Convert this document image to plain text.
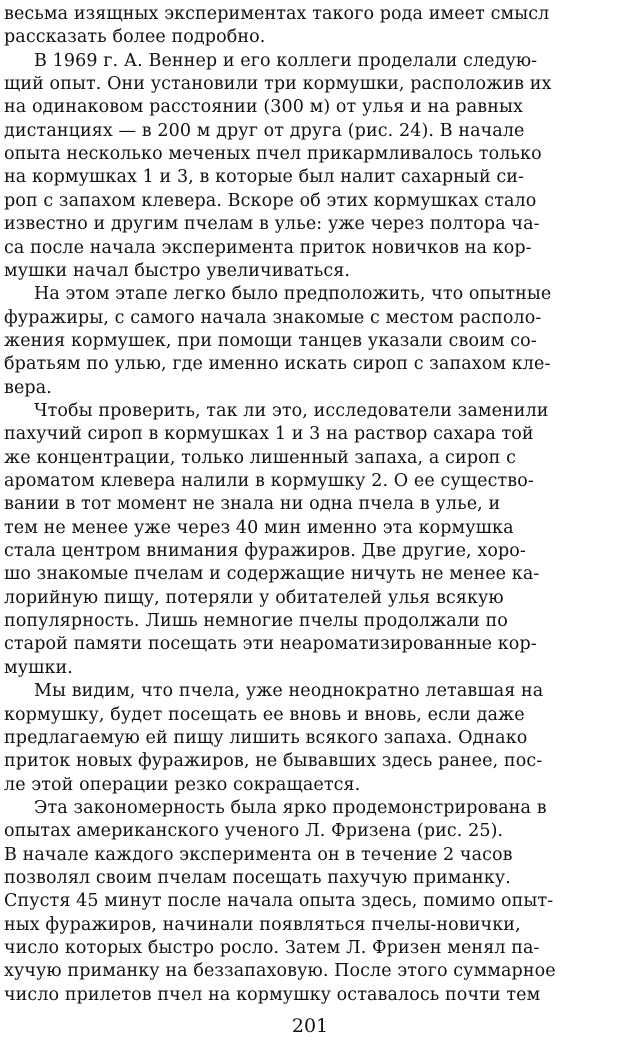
весьма изящных экспериментах такого рода имеет смысл
рассказать более подробно.
В 1969 г. А. Веннер и его коллеги проделали следую-
щий опыт. Они установили три кормушки, расположив их
на одинаковом расстоянии (300 м) от улья и на равных
дистанциях — в 200 м друг от друга (рис. 24). В начале
опыта несколько меченых пчел прикармливалось только
на кормушках 1 и 3, в которые был налит сахарный си-
роп с запахом клевера. Вскоре об этих кормушках стало
известно и другим пчелам в улье: уже через полтора ча-
са после начала эксперимента приток новичков на кор-
мушки начал быстро увеличиваться.
На этом этапе легко было предположить, что опытные
фуражиры, с самого начала знакомые с местом располо-
жения кормушек, при помощи танцев указали своим со-
братьям по улью, где именно искать сироп с запахом кле-
вера.
Чтобы проверить, так ли это, исследователи заменили
пахучий сироп в кормушках 1 и 3 на раствор сахара той
же концентрации, только лишенный запаха, а сироп с
ароматом клевера налили в кормушку 2. О ее существо-
вании в тот момент не знала ни одна пчела в улье, и
тем не менее уже через 40 мин именно эта кормушка
стала центром внимания фуражиров. Две другие, хоро-
шо знакомые пчелам и содержащие ничуть не менее ка-
лорийную пищу, потеряли у обитателей улья всякую
популярность. Лишь немногие пчелы продолжали по
старой памяти посещать эти неароматизированные кор-
мушки.
Мы видим, что пчела, уже неоднократно летавшая на
кормушку, будет посещать ее вновь и вновь, если даже
предлагаемую ей пищу лишить всякого запаха. Однако
приток новых фуражиров, не бывавших здесь ранее, пос-
ле этой операции резко сокращается.
Эта закономерность была ярко продемонстрирована в
опытах американского ученого Л. Фризена (рис. 25).
В начале каждого эксперимента он в течение 2 часов
позволял своим пчелам посещать пахучую приманку.
Спустя 45 минут после начала опыта здесь, помимо опыт-
ных фуражиров, начинали появляться пчелы-новички,
число которых быстро росло. Затем Л. Фризен менял па-
хучую приманку на беззапаховую. После этого суммарное
число прилетов пчел на кормушку оставалось почти тем
201
